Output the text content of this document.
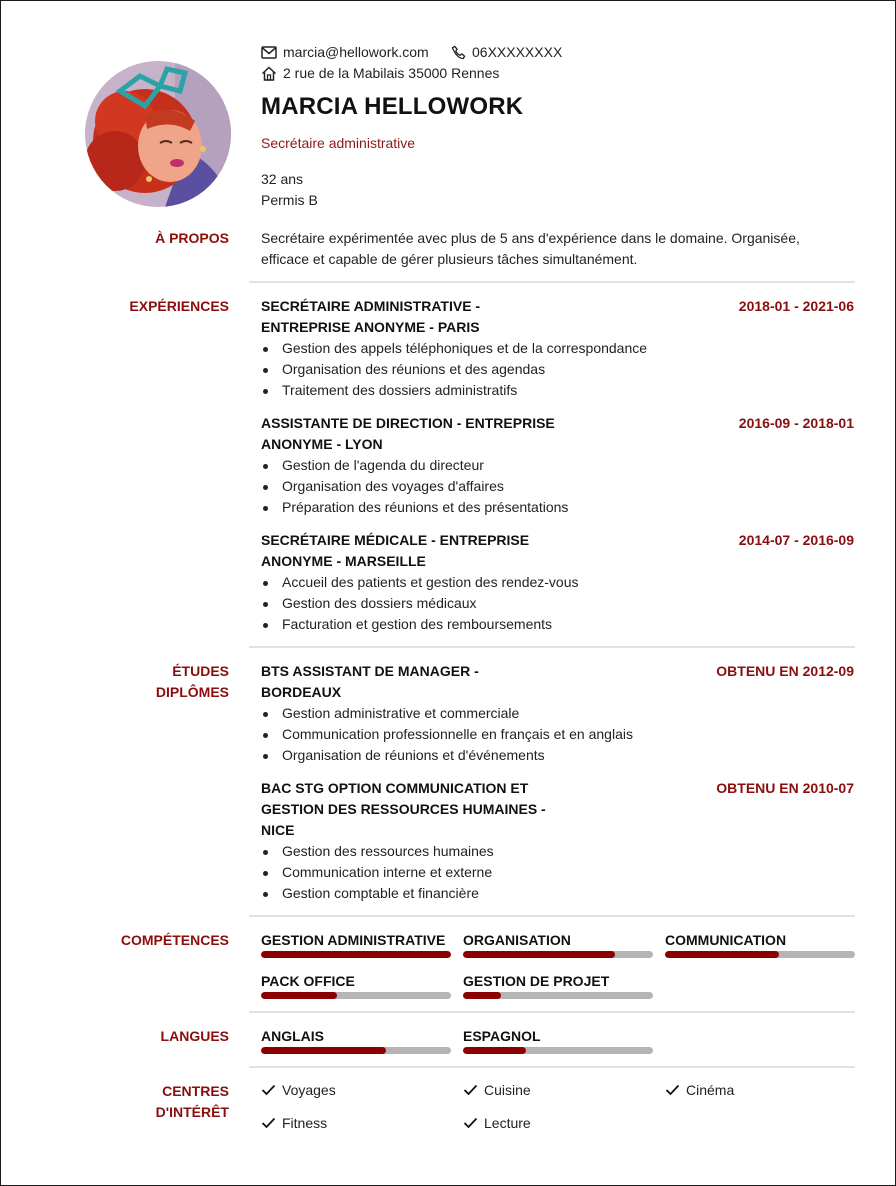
marcia@hellowork.com	06XXXXXXXX
2 rue de la Mabilais 35000 Rennes
MARCIA HELLOWORK
Secrétaire administrative
32 ans
Permis B
À PROPOS Secrétaire expérimentée avec plus de 5 ans d'expérience dans le domaine. Organisée, efficace et capable de gérer plusieurs tâches simultanément.
EXPÉRIENCES SECRÉTAIRE ADMINISTRATIVE -
ENTREPRISE ANONYME - PARIS
2018-01 - 2021-06
Gestion des appels téléphoniques et de la correspondance
Organisation des réunions et des agendas
Traitement des dossiers administratifs
ASSISTANTE DE DIRECTION - ENTREPRISE
ANONYME - LYON
2016-09 - 2018-01
Gestion de l'agenda du directeur
Organisation des voyages d'affaires
Préparation des réunions et des présentations
SECRÉTAIRE MÉDICALE - ENTREPRISE
ANONYME - MARSEILLE
2014-07 - 2016-09
Accueil des patients et gestion des rendez-vous
Gestion des dossiers médicaux
Facturation et gestion des remboursements
ÉTUDES
DIPLÔMES
BTS ASSISTANT DE MANAGER -
BORDEAUX
OBTENU EN 2012-09
Gestion administrative et commerciale
Communication professionnelle en français et en anglais
Organisation de réunions et d'événements
BAC STG OPTION COMMUNICATION ET
GESTION DES RESSOURCES HUMAINES -
NICE
OBTENU EN 2010-07
Gestion des ressources humaines
Communication interne et externe
Gestion comptable et financière
COMPÉTENCES GESTION ADMINISTRATIVE	ORGANISATION	COMMUNICATION
PACK OFFICE	GESTION DE PROJET
LANGUES ANGLAIS	ESPAGNOL
CENTRES
D'INTÉRÊT
Voyages	Cuisine	Cinéma
Fitness	Lecture
